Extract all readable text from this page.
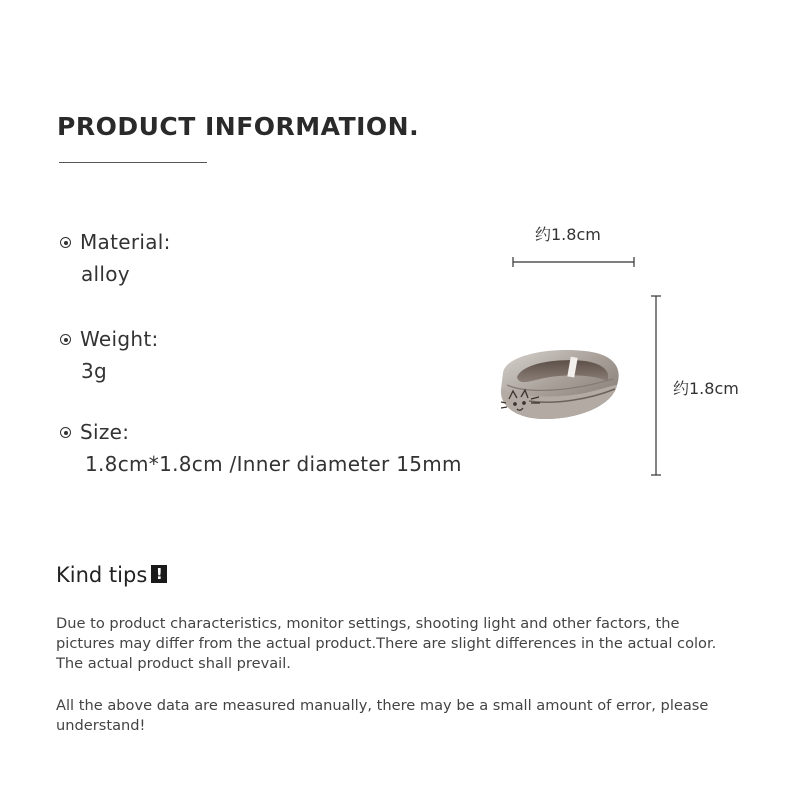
PRODUCT INFORMATION.
Material:
alloy
Weight:
3g
Size:
1.8cm*1.8cm /Inner diameter 15mm
约1.8cm
约1.8cm
Kind tips !
Due to product characteristics, monitor settings, shooting light and other factors, the pictures may differ from the actual product.There are slight differences in the actual color. The actual product shall prevail.
All the above data are measured manually, there may be a small amount of error, please understand!
